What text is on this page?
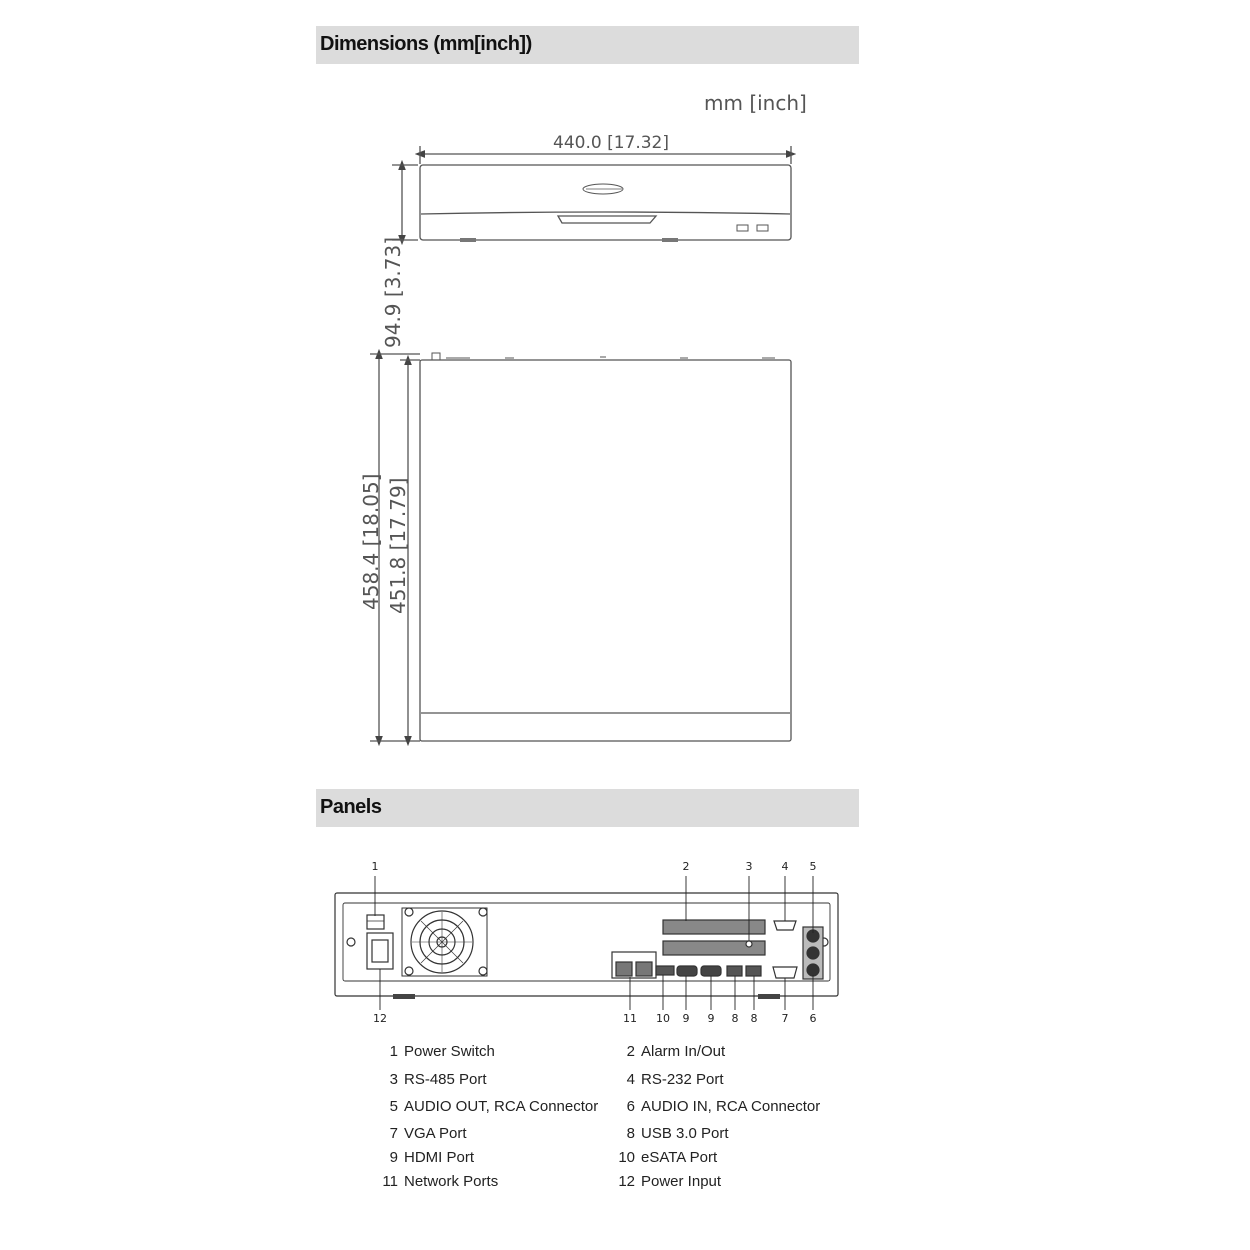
Dimensions (mm[inch])
Panels
mm [inch]
440.0 [17.32]
94.9 [3.73]
458.4 [18.05] 451.8 [17.79]
1	2	3	4 5
12	11 10 9 9 8 8 7 6
1 Power Switch	2 Alarm In/Out
3 RS-485 Port	4 RS-232 Port
5 AUDIO OUT, RCA Connector	6 AUDIO IN, RCA Connector
7 VGA Port	8 USB 3.0 Port
9 HDMI Port	10 eSATA Port
11 Network Ports	12 Power Input
